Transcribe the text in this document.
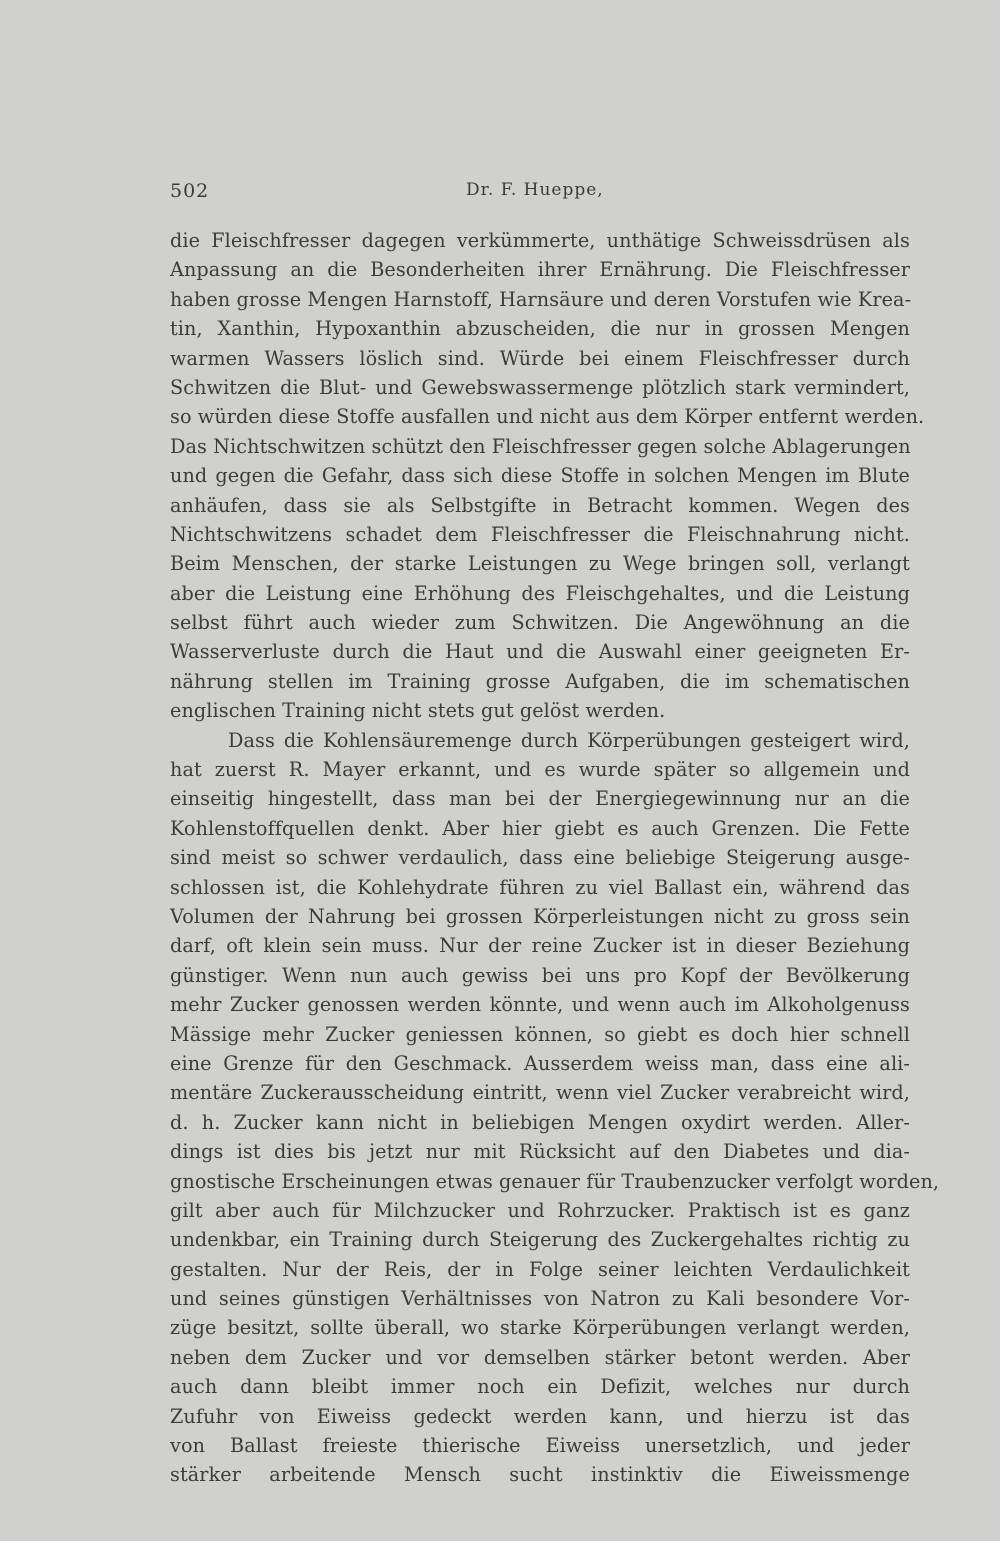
502	Dr. F. Hueppe,
die Fleischfresser dagegen verkümmerte, unthätige Schweissdrüsen als
Anpassung an die Besonderheiten ihrer Ernährung. Die Fleischfresser
haben grosse Mengen Harnstoff, Harnsäure und deren Vorstufen wie Krea-
tin, Xanthin, Hypoxanthin abzuscheiden, die nur in grossen Mengen
warmen Wassers löslich sind. Würde bei einem Fleischfresser durch
Schwitzen die Blut- und Gewebswassermenge plötzlich stark vermindert,
so würden diese Stoffe ausfallen und nicht aus dem Körper entfernt werden.
Das Nichtschwitzen schützt den Fleischfresser gegen solche Ablagerungen
und gegen die Gefahr, dass sich diese Stoffe in solchen Mengen im Blute
anhäufen, dass sie als Selbstgifte in Betracht kommen. Wegen des
Nichtschwitzens schadet dem Fleischfresser die Fleischnahrung nicht.
Beim Menschen, der starke Leistungen zu Wege bringen soll, verlangt
aber die Leistung eine Erhöhung des Fleischgehaltes, und die Leistung
selbst führt auch wieder zum Schwitzen. Die Angewöhnung an die
Wasserverluste durch die Haut und die Auswahl einer geeigneten Er-
nährung stellen im Training grosse Aufgaben, die im schematischen
englischen Training nicht stets gut gelöst werden.
Dass die Kohlensäuremenge durch Körperübungen gesteigert wird,
hat zuerst R. Mayer erkannt, und es wurde später so allgemein und
einseitig hingestellt, dass man bei der Energiegewinnung nur an die
Kohlenstoffquellen denkt. Aber hier giebt es auch Grenzen. Die Fette
sind meist so schwer verdaulich, dass eine beliebige Steigerung ausge-
schlossen ist, die Kohlehydrate führen zu viel Ballast ein, während das
Volumen der Nahrung bei grossen Körperleistungen nicht zu gross sein
darf, oft klein sein muss. Nur der reine Zucker ist in dieser Beziehung
günstiger. Wenn nun auch gewiss bei uns pro Kopf der Bevölkerung
mehr Zucker genossen werden könnte, und wenn auch im Alkoholgenuss
Mässige mehr Zucker geniessen können, so giebt es doch hier schnell
eine Grenze für den Geschmack. Ausserdem weiss man, dass eine ali-
mentäre Zuckerausscheidung eintritt, wenn viel Zucker verabreicht wird,
d. h. Zucker kann nicht in beliebigen Mengen oxydirt werden. Aller-
dings ist dies bis jetzt nur mit Rücksicht auf den Diabetes und dia-
gnostische Erscheinungen etwas genauer für Traubenzucker verfolgt worden,
gilt aber auch für Milchzucker und Rohrzucker. Praktisch ist es ganz
undenkbar, ein Training durch Steigerung des Zuckergehaltes richtig zu
gestalten. Nur der Reis, der in Folge seiner leichten Verdaulichkeit
und seines günstigen Verhältnisses von Natron zu Kali besondere Vor-
züge besitzt, sollte überall, wo starke Körperübungen verlangt werden,
neben dem Zucker und vor demselben stärker betont werden. Aber
auch dann bleibt immer noch ein Defizit, welches nur durch
Zufuhr von Eiweiss gedeckt werden kann, und hierzu ist das
von Ballast freieste thierische Eiweiss unersetzlich, und jeder
stärker arbeitende Mensch sucht instinktiv die Eiweissmenge
